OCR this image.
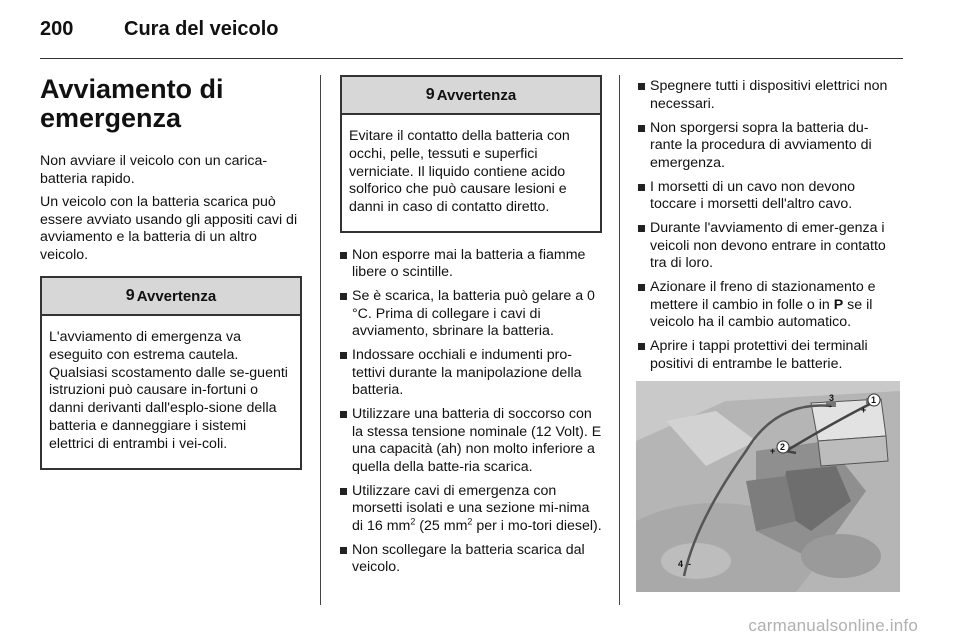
200	Cura del veicolo
Avviamento di
emergenza

Non avviare il veicolo con un carica-batteria rapido.

Un veicolo con la batteria scarica può essere avviato usando gli appositi cavi di avviamento e la batteria di un altro veicolo.

9 Avvertenza
L'avviamento di emergenza va eseguito con estrema cautela. Qualsiasi scostamento dalle se-guenti istruzioni può causare in-fortuni o danni derivanti dall'esplo-sione della batteria e danneggiare i sistemi elettrici di entrambi i vei-coli.
9 Avvertenza
Evitare il contatto della batteria con occhi, pelle, tessuti e superfici verniciate. Il liquido contiene acido solforico che può causare lesioni e danni in caso di contatto diretto.
Non esporre mai la batteria a fiamme libere o scintille.
Se è scarica, la batteria può gelare a 0 °C. Prima di collegare i cavi di avviamento, sbrinare la batteria.
Indossare occhiali e indumenti pro-tettivi durante la manipolazione della batteria.
Utilizzare una batteria di soccorso con la stessa tensione nominale (12 Volt). E una capacità (ah) non molto inferiore a quella della batte-ria scarica.
Utilizzare cavi di emergenza con morsetti isolati e una sezione mi-nima di 16 $mm^2$ (25 $mm^2$ per i mo-tori diesel).
Non scollegare la batteria scarica dal veicolo.
Spegnere tutti i dispositivi elettrici non necessari.
Non sporgersi sopra la batteria du-rante la procedura di avviamento di emergenza.
I morsetti di un cavo non devono toccare i morsetti dell'altro cavo.
Durante l'avviamento di emer-genza i veicoli non devono entrare in contatto tra di loro.
Azionare il freno di stazionamento e mettere il cambio in folle o in P se il veicolo ha il cambio automatico.
Aprire i tappi protettivi dei terminali positivi di entrambe le batterie.
3
-
1
+
2
+
4 -
carmanualsonline.info
